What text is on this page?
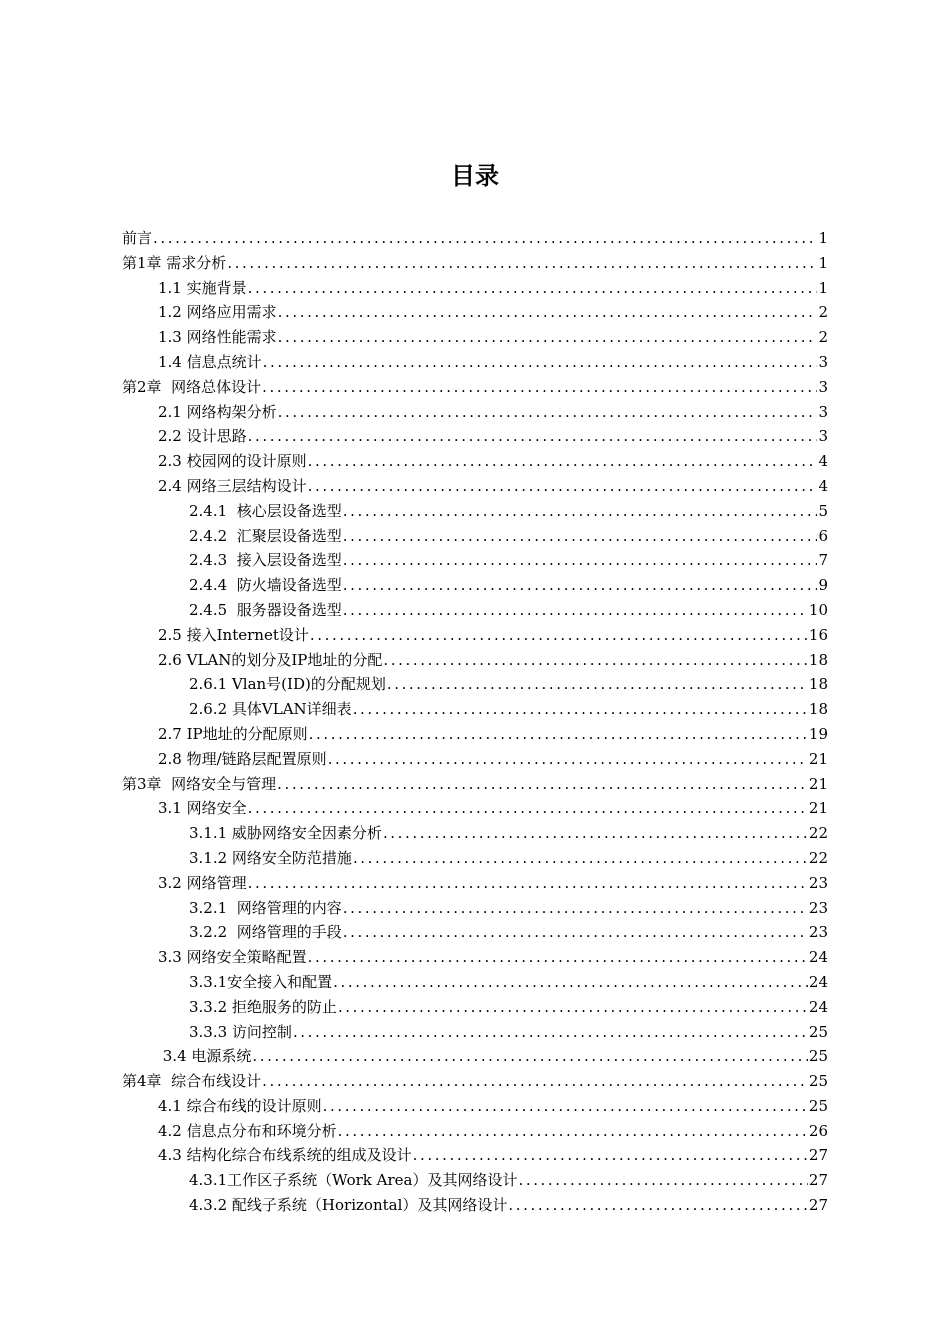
目录
前言 .....	1
第1章 需求分析 .....	1
1.1 实施背景 .....	1
1.2 网络应用需求 .....	2
1.3 网络性能需求 .....	2
1.4 信息点统计 .....	3
第2章  网络总体设计 .....	3
2.1 网络构架分析 .....	3
2.2 设计思路 .....	3
2.3 校园网的设计原则 .....	4
2.4 网络三层结构设计 .....	4
2.4.1  核心层设备选型 .....	5
2.4.2  汇聚层设备选型 .....	6
2.4.3  接入层设备选型 .....	7
2.4.4  防火墙设备选型 .....	9
2.4.5  服务器设备选型 .....	10
2.5 接入Internet设计 .....	16
2.6 VLAN的划分及IP地址的分配 .....	18
2.6.1 Vlan号(ID)的分配规划 .....	18
2.6.2 具体VLAN详细表 .....	18
2.7 IP地址的分配原则 .....	19
2.8 物理/链路层配置原则 .....	21
第3章  网络安全与管理 .....	21
3.1 网络安全 .....	21
3.1.1 威胁网络安全因素分析 .....	22
3.1.2 网络安全防范措施 .....	22
3.2 网络管理 .....	23
3.2.1  网络管理的内容 .....	23
3.2.2  网络管理的手段 .....	23
3.3 网络安全策略配置 .....	24
3.3.1安全接入和配置 .....	24
3.3.2 拒绝服务的防止 .....	24
3.3.3 访问控制 .....	25
3.4 电源系统 .....	25
第4章  综合布线设计 .....	25
4.1 综合布线的设计原则 .....	25
4.2 信息点分布和环境分析 .....	26
4.3 结构化综合布线系统的组成及设计 .....	27
4.3.1工作区子系统（Work Area）及其网络设计 .....	27
4.3.2 配线子系统（Horizontal）及其网络设计 .....	27
